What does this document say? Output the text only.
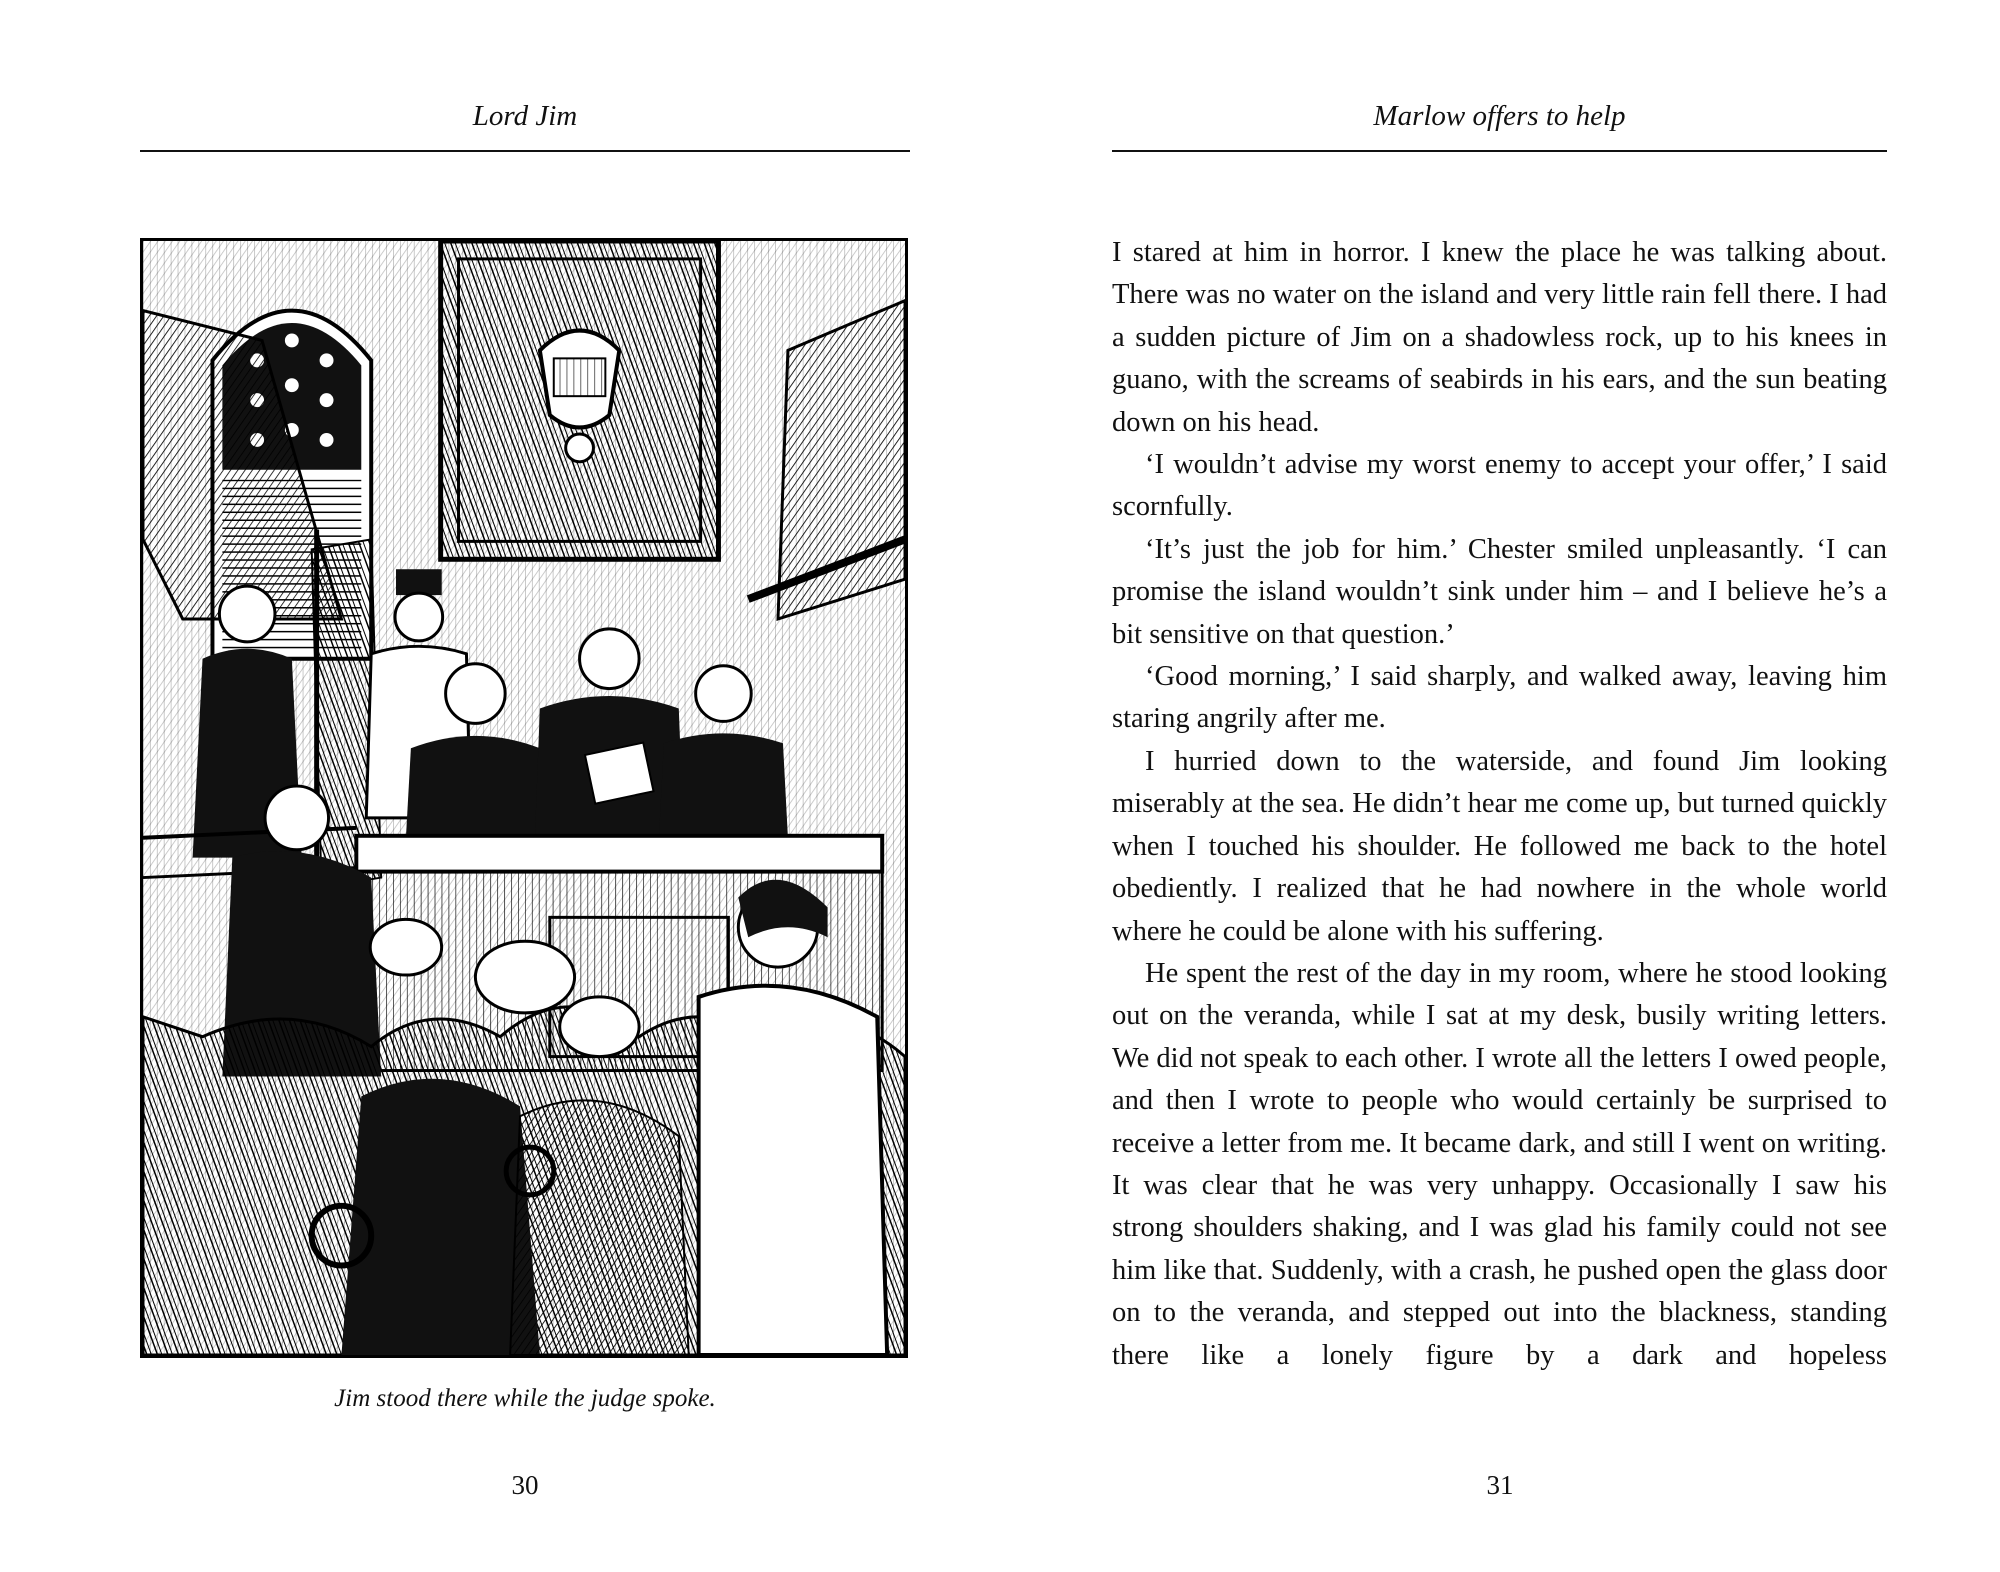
Lord Jim
Jim stood there while the judge spoke.
30
Marlow offers to help

I stared at him in horror. I knew the place he was talking about. There was no water on the island and very little rain fell there. I had a sudden picture of Jim on a shadowless rock, up to his knees in guano, with the screams of seabirds in his ears, and the sun beating down on his head.

‘I wouldn’t advise my worst enemy to accept your offer,’ I said scornfully.

‘It’s just the job for him.’ Chester smiled unpleasantly. ‘I can promise the island wouldn’t sink under him – and I believe he’s a bit sensitive on that question.’

‘Good morning,’ I said sharply, and walked away, leaving him staring angrily after me.

I hurried down to the waterside, and found Jim looking miserably at the sea. He didn’t hear me come up, but turned quickly when I touched his shoulder. He followed me back to the hotel obediently. I realized that he had nowhere in the whole world where he could be alone with his suffering.

He spent the rest of the day in my room, where he stood looking out on the veranda, while I sat at my desk, busily writing letters. We did not speak to each other. I wrote all the letters I owed people, and then I wrote to people who would certainly be surprised to receive a letter from me. It became dark, and still I went on writing. It was clear that he was very unhappy. Occasionally I saw his strong shoulders shaking, and I was glad his family could not see him like that. Suddenly, with a crash, he pushed open the glass door on to the veranda, and stepped out into the blackness, standing there like a lonely figure by a dark and hopeless

31
